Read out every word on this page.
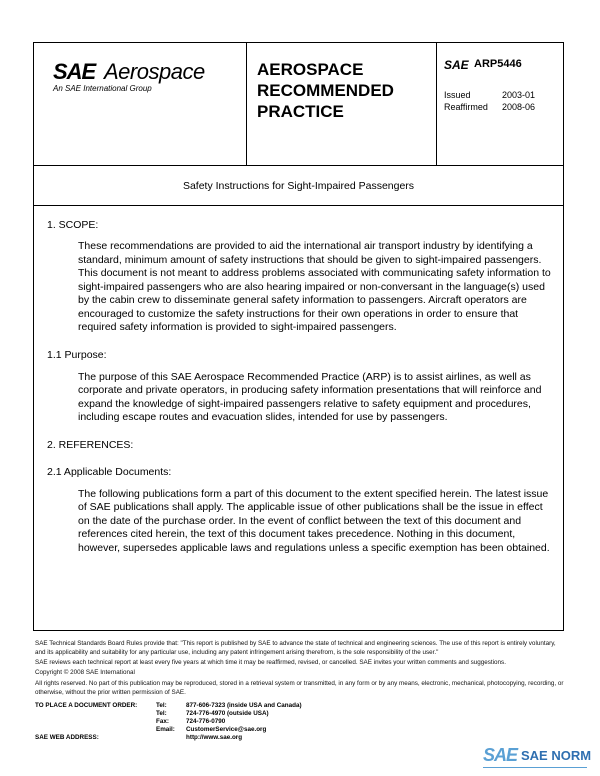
SAE Aerospace
An SAE International Group
AEROSPACE
RECOMMENDED
PRACTICE
SAE ARP5446
Issued	2003-01
Reaffirmed 2008-06
Safety Instructions for Sight-Impaired Passengers

1. SCOPE:

These recommendations are provided to aid the international air transport industry by identifying a standard, minimum amount of safety instructions that should be given to sight-impaired passengers. This document is not meant to address problems associated with communicating safety information to sight-impaired passengers who are also hearing impaired or non-conversant in the language(s) used by the cabin crew to disseminate general safety information to passengers. Aircraft operators are encouraged to customize the safety instructions for their own operations in order to ensure that required safety information is provided to sight-impaired passengers.

1.1 Purpose:

The purpose of this SAE Aerospace Recommended Practice (ARP) is to assist airlines, as well as corporate and private operators, in producing safety information presentations that will reinforce and expand the knowledge of sight-impaired passengers relative to safety equipment and procedures, including escape routes and evacuation slides, intended for use by passengers.

2. REFERENCES:

2.1 Applicable Documents:

The following publications form a part of this document to the extent specified herein. The latest issue of SAE publications shall apply. The applicable issue of other publications shall be the issue in effect on the date of the purchase order. In the event of conflict between the text of this document and references cited herein, the text of this document takes precedence. Nothing in this document, however, supersedes applicable laws and regulations unless a specific exemption has been obtained.

SAE Technical Standards Board Rules provide that: "This report is published by SAE to advance the state of technical and engineering sciences. The use of this report is entirely voluntary, and its applicability and suitability for any particular use, including any patent infringement arising therefrom, is the sole responsibility of the user."
SAE reviews each technical report at least every five years at which time it may be reaffirmed, revised, or cancelled. SAE invites your written comments and suggestions.
Copyright © 2008 SAE International
All rights reserved. No part of this publication may be reproduced, stored in a retrieval system or transmitted, in any form or by any means, electronic, mechanical, photocopying, recording, or otherwise, without the prior written permission of SAE.
TO PLACE A DOCUMENT ORDER:	Tel:	877-606-7323 (inside USA and Canada)
Tel:	724-776-4970 (outside USA)
Fax:	724-776-0790
Email:	CustomerService@sae.org
SAE WEB ADDRESS:	http://www.sae.org
SAE SAE NORM
